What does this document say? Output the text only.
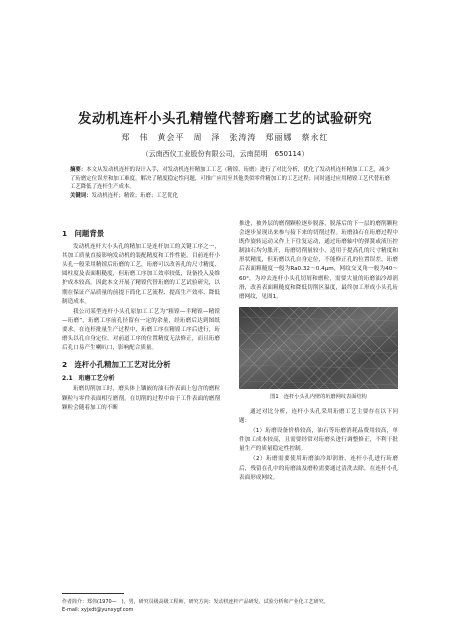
发动机连杆小头孔精镗代替珩磨工艺的试验研究
郑　伟　黄会平　周　泽　张涛涛　郑丽娜　蔡永红
（云南西仪工业股份有限公司，云南昆明　650114）
摘要：本文从发动机连杆的设计入手，对发动机连杆精加工工艺（精镗、珩磨）进行了对比分析，优化了发动机连杆精加工工艺，减少了珩磨定位误差和加工难度，解决了精度稳定性问题，可推广应用至其他类似零件精加工的工艺过程；同时通过应用精镗工艺代替珩磨工艺降低了连杆生产成本。
关键词：发动机连杆；精镗；珩磨；工艺优化
1　问题背景

发动机连杆大小头孔的精加工是连杆加工的关键工序之一，其加工质量直接影响发动机的装配精度和工作性能。目前连杆小头孔一般采用精镗后珩磨的工艺，珩磨可以改善孔的尺寸精度、圆柱度及表面粗糙度，但珩磨工序加工效率较低，设备投入及维护成本较高。因此本文开展了精镗代替珩磨的工艺试验研究，以期在保证产品质量的前提下简化工艺流程、提高生产效率、降低制造成本。

我公司某型连杆小头孔原加工工艺为“粗镗—半精镗—精镗—珩磨”，珩磨工序前孔径留有一定的余量，经珩磨后达到图纸要求。在连杆批量生产过程中，珩磨工序在精镗工序后进行，珩磨头以孔自身定位，对前道工序的位置精度无法修正，而且珩磨后孔口易产生喇叭口，影响配合质量。

2　连杆小孔精加工工艺对比分析
2.1　珩磨工艺分析

珩磨切削加工时，磨头体上镶嵌的油石作表面上包含的磨粒颗粒与零件表面相互磨削。在切削的过程中由于工件表面的磨削颗粒会随着加工的不断

推进，被外层的磨削颗粒逐步脱落，脱落后的下一层的磨削颗粒会逐步显现出来参与接下来的切削过程。珩磨油石在珩磨过程中既作旋转运动又作上下往复运动，通过珩磨轴中的弹簧或液压控制油石均匀胀开，珩磨切削量较小，适用于提高孔的尺寸精度和形状精度，但珩磨以孔自身定位，不能修正孔的位置误差，珩磨后表面粗糙度一般为Ra0.32～0.4μm，网纹交叉角一般为40～60°，为冲去连杆小头孔切屑和磨粒，需要大量的珩磨油冷却润滑，改善表面粗糙度和降低切削区温度，最终加工形成小头孔珩磨网纹，见图1。

图1　连杆小头孔内壁的珩磨网纹表面结构

通过对比分析，连杆小头孔采用珩磨工艺主要存在以下问题：

（1）珩磨设备价格较高，油石等珩磨消耗品费用较高，单件加工成本较高，且需要经常对珩磨头进行调整修正，不利于批量生产的质量稳定性控制。

（2）珩磨需要使用珩磨油冷却润滑，连杆小孔进行珩磨后，残留在孔中的珩磨油及磨粒需要通过清洗去除，在连杆小孔表面形成网纹。

作者简介：郑伟(1970—　)，男，研究员级高级工程师，研究方向：发动机连杆产品研发、试验分析和产业化工艺研究。
E-mail: xyjxdt@yunxygf.com
